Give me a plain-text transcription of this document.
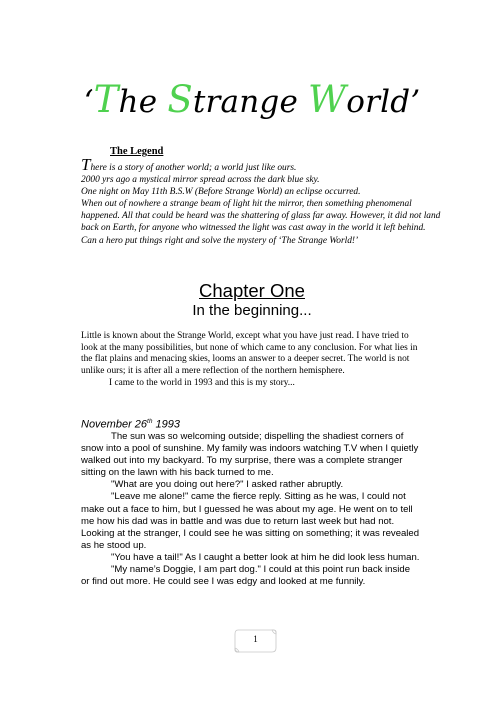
‘The Strange World’
The Legend

There is a story of another world; a world just like ours.

2000 yrs ago a mystical mirror spread across the dark blue sky.

One night on May 11th B.S.W (Before Strange World) an eclipse occurred.

When out of nowhere a strange beam of light hit the mirror, then something phenomenal happened. All that could be heard was the shattering of glass far away. However, it did not land back on Earth, for anyone who witnessed the light was cast away in the world it left behind.

Can a hero put things right and solve the mystery of ‘The Strange World!’

Chapter One
In the beginning...

Little is known about the Strange World, except what you have just read. I have tried to look at the many possibilities, but none of which came to any conclusion. For what lies in the flat plains and menacing skies, looms an answer to a deeper secret. The world is not unlike ours; it is after all a mere reflection of the northern hemisphere.

I came to the world in 1993 and this is my story...

November 26th 1993

The sun was so welcoming outside; dispelling the shadiest corners of snow into a pool of sunshine. My family was indoors watching T.V when I quietly walked out into my backyard. To my surprise, there was a complete stranger sitting on the lawn with his back turned to me.

"What are you doing out here?" I asked rather abruptly.

"Leave me alone!" came the fierce reply. Sitting as he was, I could not make out a face to him, but I guessed he was about my age. He went on to tell me how his dad was in battle and was due to return last week but had not. Looking at the stranger, I could see he was sitting on something; it was revealed as he stood up.

"You have a tail!" As I caught a better look at him he did look less human.

"My name’s Doggie, I am part dog." I could at this point run back inside or find out more. He could see I was edgy and looked at me funnily.

1
